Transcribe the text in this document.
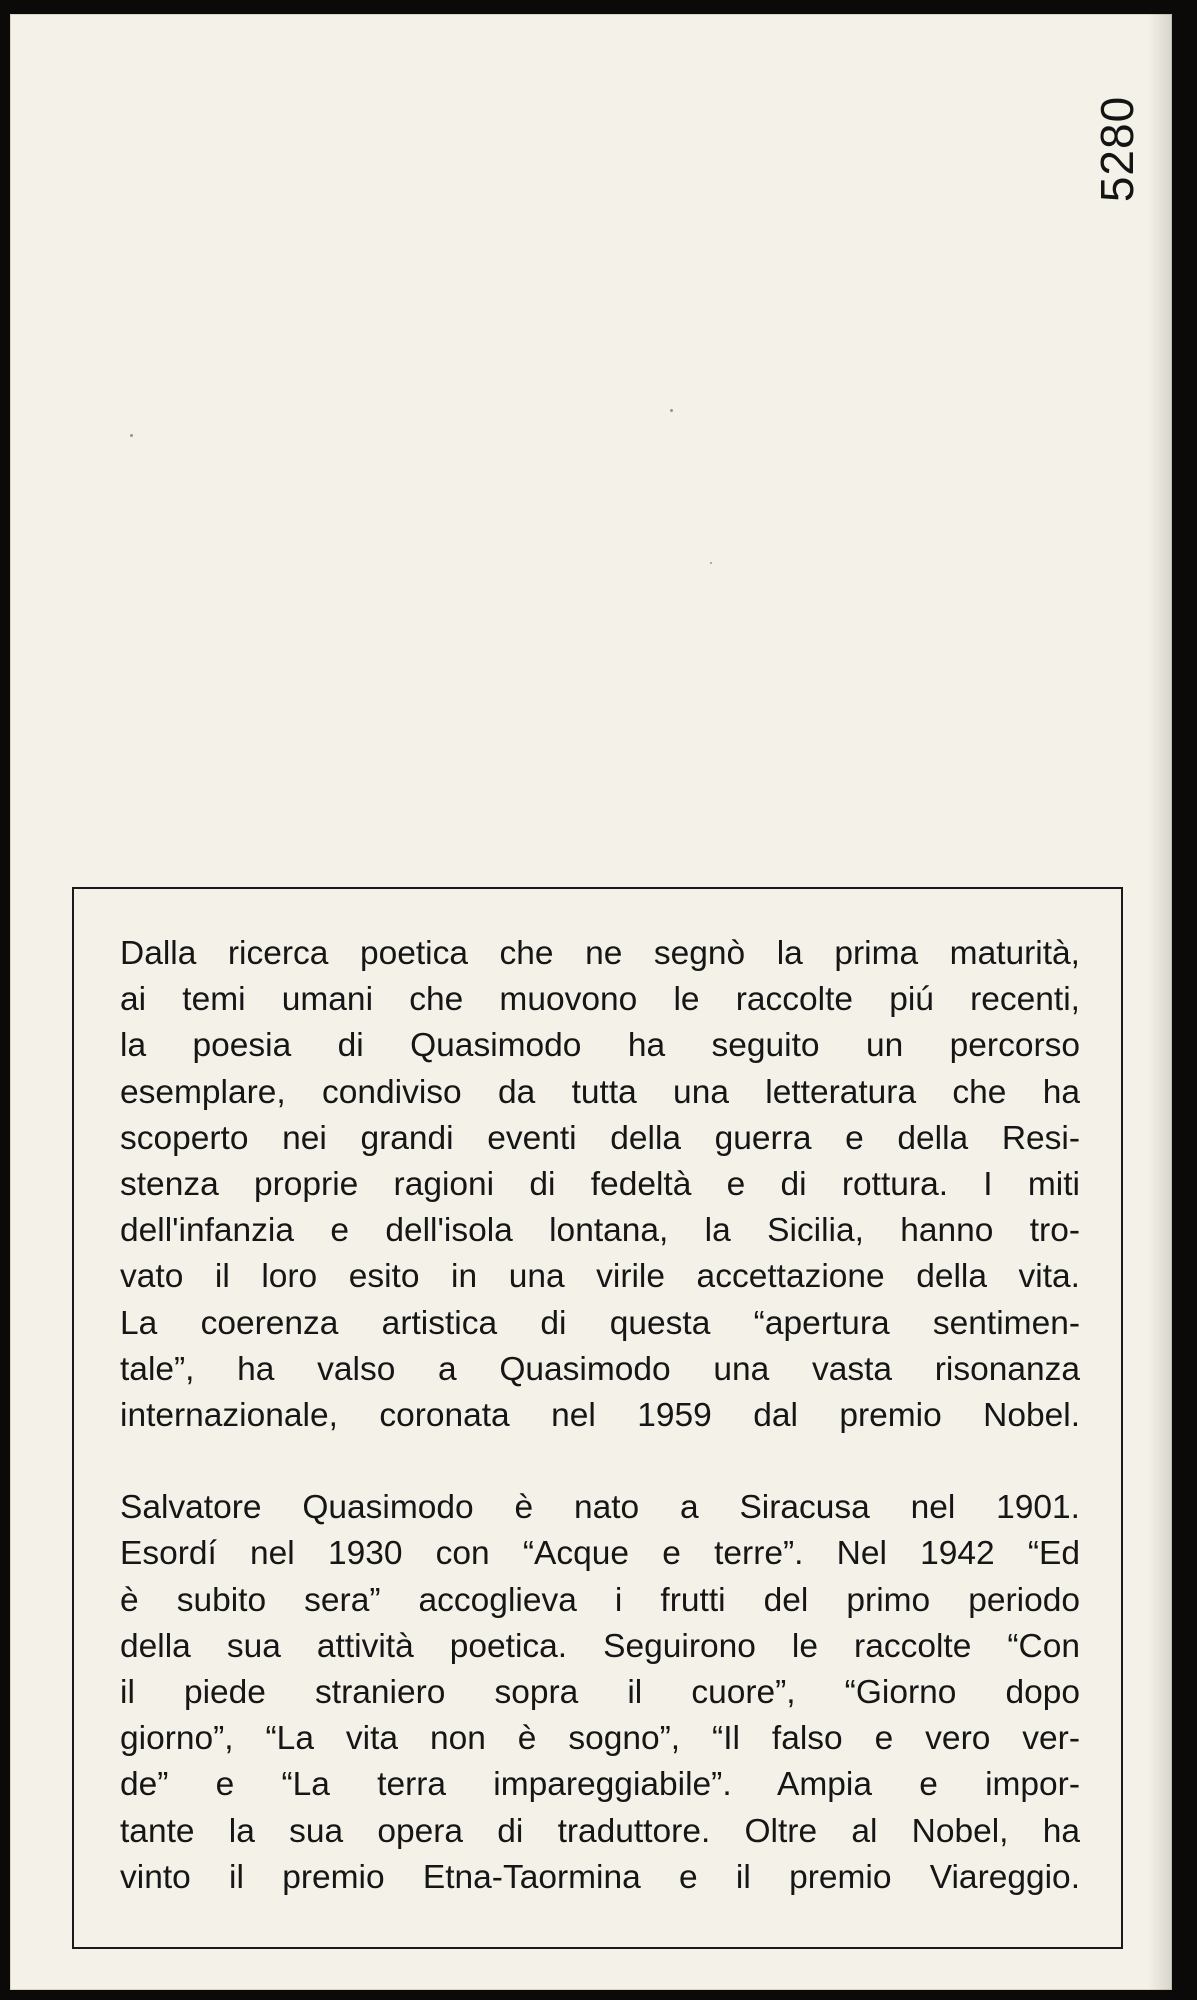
5280

Dalla ricerca poetica che ne segnò la prima maturità,
ai temi umani che muovono le raccolte piú recenti,
la poesia di Quasimodo ha seguito un percorso
esemplare, condiviso da tutta una letteratura che ha
scoperto nei grandi eventi della guerra e della Resi-
stenza proprie ragioni di fedeltà e di rottura. I miti
dell'infanzia e dell'isola lontana, la Sicilia, hanno tro-
vato il loro esito in una virile accettazione della vita.
La coerenza artistica di questa “apertura sentimen-
tale”, ha valso a Quasimodo una vasta risonanza
internazionale, coronata nel 1959 dal premio Nobel.

Salvatore Quasimodo è nato a Siracusa nel 1901.
Esordí nel 1930 con “Acque e terre”. Nel 1942 “Ed
è subito sera” accoglieva i frutti del primo periodo
della sua attività poetica. Seguirono le raccolte “Con
il piede straniero sopra il cuore”, “Giorno dopo
giorno”, “La vita non è sogno”, “Il falso e vero ver-
de” e “La terra impareggiabile”. Ampia e impor-
tante la sua opera di traduttore. Oltre al Nobel, ha
vinto il premio Etna-Taormina e il premio Viareggio.
